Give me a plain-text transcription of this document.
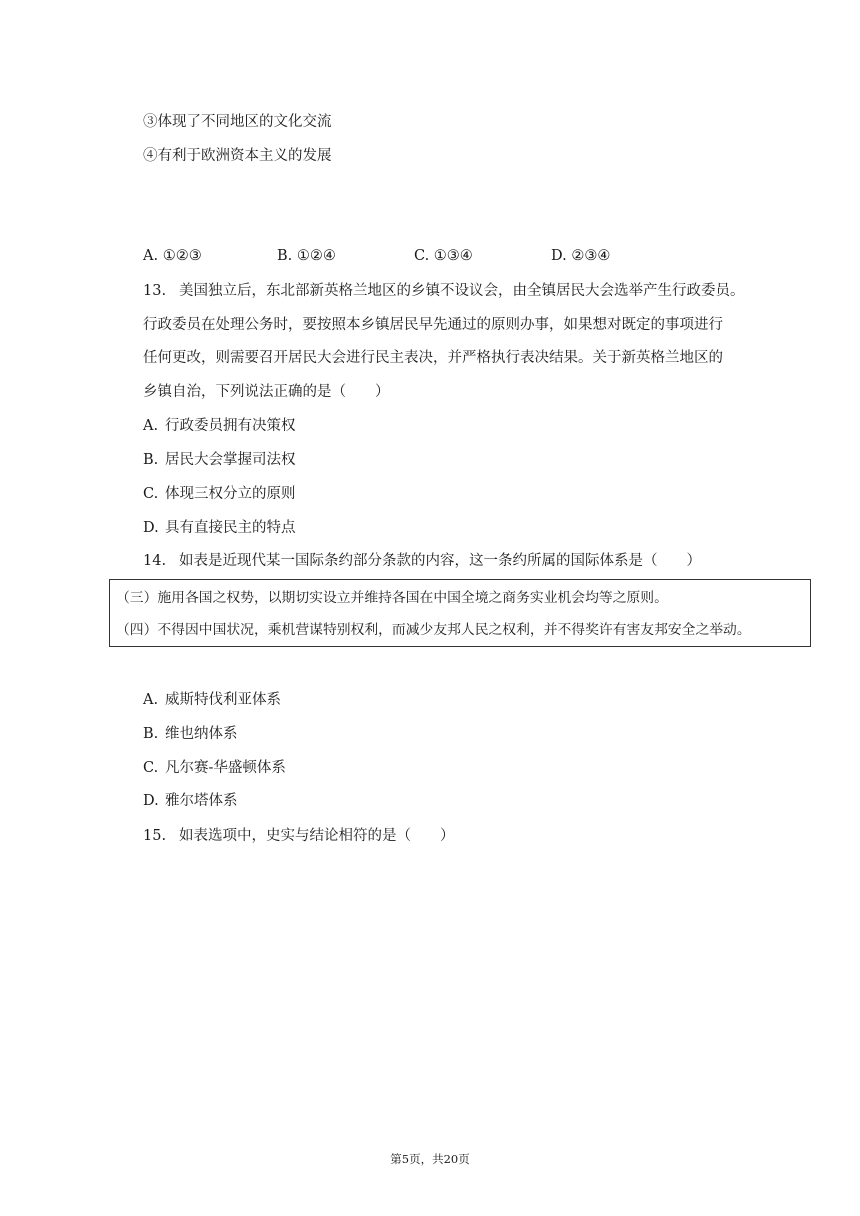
③体现了不同地区的文化交流
④有利于欧洲资本主义的发展
A. ①②③	B. ①②④	C. ①③④	D. ②③④
13. 美国独立后，东北部新英格兰地区的乡镇不设议会，由全镇居民大会选举产生行政委员。
行政委员在处理公务时，要按照本乡镇居民早先通过的原则办事，如果想对既定的事项进行
任何更改，则需要召开居民大会进行民主表决，并严格执行表决结果。关于新英格兰地区的
乡镇自治，下列说法正确的是（　　）
A. 行政委员拥有决策权
B. 居民大会掌握司法权
C. 体现三权分立的原则
D. 具有直接民主的特点
14. 如表是近现代某一国际条约部分条款的内容，这一条约所属的国际体系是（　　）
（三）施用各国之权势，以期切实设立并维持各国在中国全境之商务实业机会均等之原则。
（四）不得因中国状况，乘机营谋特别权利，而减少友邦人民之权利，并不得奖许有害友邦安全之举动。
A. 威斯特伐利亚体系
B. 维也纳体系
C. 凡尔赛-华盛顿体系
D. 雅尔塔体系
15. 如表选项中，史实与结论相符的是（　　）
第5页，共20页
